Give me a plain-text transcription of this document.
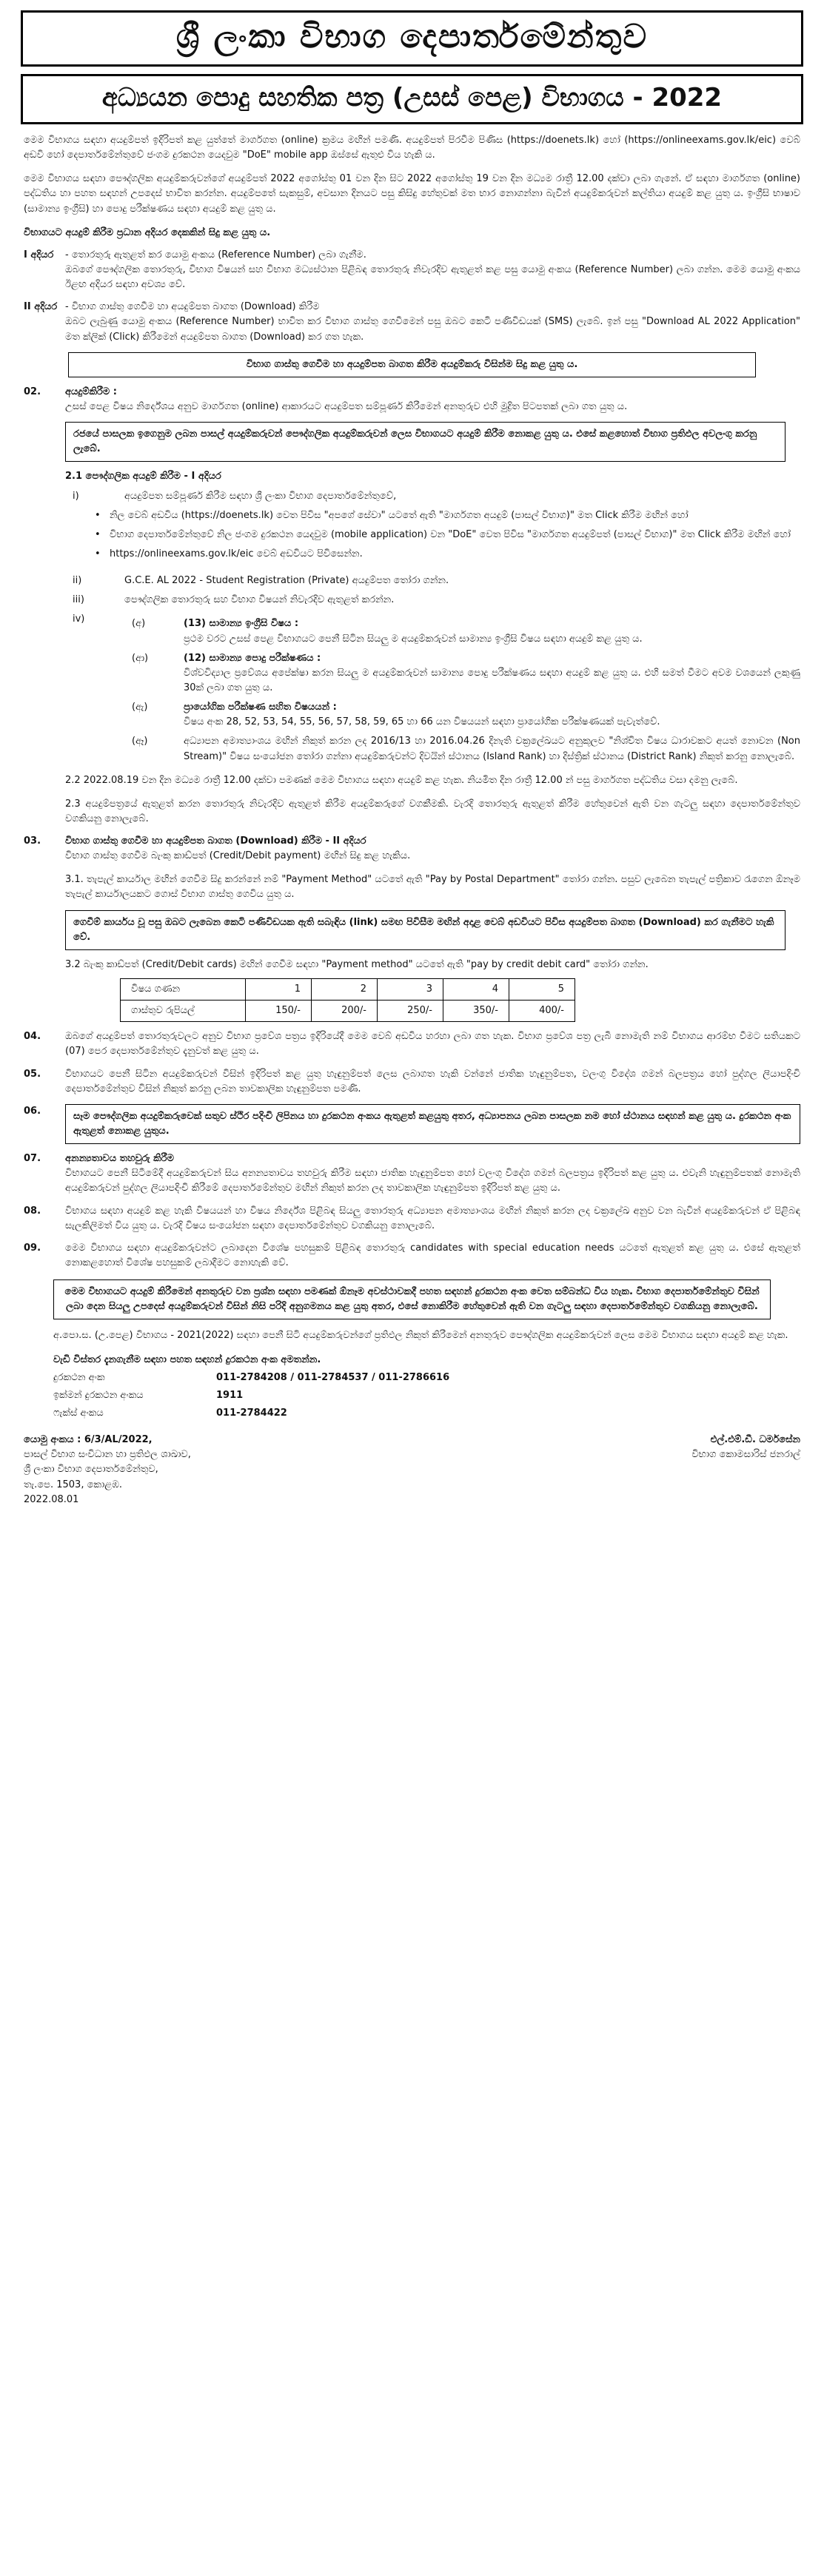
ශ්‍රී ලංකා විභාග දෙපාර්තමේන්තුව
අධ්‍යයන පොදු සහතික පත්‍ර (උසස් පෙළ) විභාගය - 2022
මෙම විභාගය සඳහා අයදුම්පත් ඉදිරිපත් කළ යුත්තේ මාර්ගගත (online) ක්‍රමය මඟින් පමණි. අයදුම්පත් පිරවීම පිණිස (https://doenets.lk) හෝ (https://onlineexams.gov.lk/eic) වෙබ් අඩවි හෝ දෙපාර්තමේන්තුවේ ජංගම දුරකථන යෙදවුම "DoE" mobile app ඔස්සේ ඇතුළු විය හැකි ය.
මෙම විභාගය සඳහා පෞද්ගලික අයදුම්කරුවන්ගේ අයදුම්පත් 2022 අගෝස්තු 01 වන දින සිට 2022 අගෝස්තු 19 වන දින මධ්‍යම රාත්‍රී 12.00 දක්වා ලබා ගැනේ. ඒ සඳහා මාර්ගගත (online) පද්ධතිය හා පහත සඳහන් උපදෙස් භාවිත කරන්න. අයදුම්පතේ සැකසුම්, අවසාන දිනයට පසු කිසිදු හේතුවක් මත භාර නොගන්නා බැවින් අයදුම්කරුවන් කල්තියා අයදුම් කළ යුතු ය. ඉංග්‍රීසි භාෂාව (සාමාන්‍ය ඉංග්‍රීසි) හා පොදු පරීක්ෂණය සඳහා අයදුම් කළ යුතු ය.
විභාගයට අයදුම් කිරීම ප්‍රධාන අදියර දෙකකින් සිදු කළ යුතු ය.
I අදියර	- තොරතුරු ඇතුළත් කර යොමු අංකය (Reference Number) ලබා ගැනීම.
ඔබගේ පෞද්ගලික තොරතුරු, විභාග විෂයන් සහ විභාග මධ්‍යස්ථාන පිළිබඳ තොරතුරු නිවැරදිව ඇතුළත් කළ පසු යොමු අංකය (Reference Number) ලබා ගන්න. මෙම යොමු අංකය ඊළඟ අදියර සඳහා අවශ්‍ය වේ.
II අදියර - විභාග ගාස්තු ගෙවීම හා අයදුම්පත බාගත (Download) කිරීම
ඔබට ලැබුණු යොමු අංකය (Reference Number) භාවිත කර විභාග ගාස්තු ගෙවීමෙන් පසු ඔබට කෙටි පණිවිඩයක් (SMS) ලැබේ. ඉන් පසු "Download AL 2022 Application" මත ක්ලික් (Click) කිරීමෙන් අයදුම්පත බාගත (Download) කර ගත හැක.
විභාග ගාස්තු ගෙවීම හා අයදුම්පත බාගත කිරීම අයදුම්කරු විසින්ම සිදු කළ යුතු ය.
02.	අයදුම්කිරීම :
උසස් පෙළ විෂය නිර්දේශය අනුව මාර්ගගත (online) ආකාරයට අයදුම්පත සම්පූර්ණ කිරීමෙන් අනතුරුව එහි මුද්‍රිත පිටපතක් ලබා ගත යුතු ය.
රජයේ පාසලක ඉගෙනුම ලබන පාසල් අයදුම්කරුවන් පෞද්ගලික අයදුම්කරුවන් ලෙස විභාගයට අයදුම් කිරීම නොකළ යුතු ය. එසේ කළහොත් විභාග ප්‍රතිඵල අවලංගු කරනු ලැබේ.
2.1 පෞද්ගලික අයදුම් කිරීම - I අදියර
i)	අයදුම්පත සම්පූර්ණ කිරීම සඳහා ශ්‍රී ලංකා විභාග දෙපාර්තමේන්තුවේ,
• නිල වෙබ් අඩවිය (https://doenets.lk) වෙත පිවිස "අපගේ සේවා" යටතේ ඇති "මාර්ගගත අයදුම් (පාසල් විභාග)" මත Click කිරීම මඟින් හෝ
• විභාග දෙපාර්තමේන්තුවේ නිල ජංගම දුරකථන යෙදවුම (mobile application) වන "DoE" වෙත පිවිස "මාර්ගගත අයදුම්පත් (පාසල් විභාග)" මත Click කිරීම මඟින් හෝ
• https://onlineexams.gov.lk/eic වෙබ් අඩවියට පිවිසෙන්න.
ii)	G.C.E. AL 2022 - Student Registration (Private) අයදුම්පත තෝරා ගන්න.
iii)	පෞද්ගලික තොරතුරු සහ විභාග විෂයන් නිවැරදිව ඇතුළත් කරන්න.
iv)	(අ)	(13) සාමාන්‍ය ඉංග්‍රීසි විෂය :
ප්‍රථම වරට උසස් පෙළ විභාගයට පෙනී සිටින සියලු ම අයදුම්කරුවන් සාමාන්‍ය ඉංග්‍රීසි විෂය සඳහා අයදුම් කළ යුතු ය.
(ආ)	(12) සාමාන්‍ය පොදු පරීක්ෂණය :
විශ්වවිද්‍යාල ප්‍රවේශය අපේක්ෂා කරන සියලු ම අයදුම්කරුවන් සාමාන්‍ය පොදු පරීක්ෂණය සඳහා අයදුම් කළ යුතු ය. එහි සමත් වීමට අවම වශයෙන් ලකුණු 30ක් ලබා ගත යුතු ය.
(ඇ)	ප්‍රායෝගික පරීක්ෂණ සහිත විෂයයන් :
විෂය අංක 28, 52, 53, 54, 55, 56, 57, 58, 59, 65 හා 66 යන විෂයයන් සඳහා ප්‍රායෝගික පරීක්ෂණයක් පැවැත්වේ.
(ඈ)	අධ්‍යාපන අමාත්‍යාංශය මඟින් නිකුත් කරන ලද 2016/13 හා 2016.04.26 දිනැති චක්‍රලේඛයට අනුකූලව "නිශ්චිත විෂය ධාරාවකට අයත් නොවන (Non Stream)" විෂය සංයෝජන තෝරා ගන්නා අයදුම්කරුවන්ට දිවයින් ස්ථානය (Island Rank) හා දිස්ත්‍රික් ස්ථානය (District Rank) නිකුත් කරනු නොලැබේ.
2.2 2022.08.19 වන දින මධ්‍යම රාත්‍රී 12.00 දක්වා පමණක් මෙම විභාගය සඳහා අයදුම් කළ හැක. නියමිත දින රාත්‍රී 12.00 න් පසු මාර්ගගත පද්ධතිය වසා දමනු ලැබේ.
2.3 අයදුම්පත්‍රයේ ඇතුළත් කරන තොරතුරු නිවැරදිව ඇතුළත් කිරීම අයදුම්කරුගේ වගකීමකි. වැරදි තොරතුරු ඇතුළත් කිරීම හේතුවෙන් ඇති වන ගැටලු සඳහා දෙපාර්තමේන්තුව වගකියනු නොලැබේ.
03.	විභාග ගාස්තු ගෙවීම හා අයදුම්පත බාගත (Download) කිරීම - II අදියර
විභාග ගාස්තු ගෙවීම බැංකු කාඩ්පත් (Credit/Debit payment) මඟින් සිදු කළ හැකිය.
3.1. තැපැල් කාර්යාල මඟින් ගෙවීම සිදු කරන්නේ නම් "Payment Method" යටතේ ඇති "Pay by Postal Department" තෝරා ගන්න. පසුව ලැබෙන තැපැල් පත්‍රිකාව රැගෙන ඕනෑම තැපැල් කාර්යාලයකට ගොස් විභාග ගාස්තු ගෙවිය යුතු ය.
ගෙවීම් කාර්යය වූ පසු ඔබට ලැබෙන කෙටි පණිවිඩයක ඇති සබැඳිය (link) සමඟ පිවිසීම මඟින් අදාළ වෙබ් අඩවියට පිවිස අයදුම්පත බාගත (Download) කර ගැනීමට හැකි වේ.
3.2 බැංකු කාඩ්පත් (Credit/Debit cards) මඟින් ගෙවීම සඳහා "Payment method" යටතේ ඇති "pay by credit debit card" තෝරා ගන්න.
විෂය ගණන	1	2	3	4	5
ගාස්තුව රුපියල්	150/-	200/-	250/-	350/-	400/-
04.	ඔබගේ අයදුම්පත් තොරතුරුවලට අනුව විභාග ප්‍රවේශ පත්‍රය ඉදිරියේදී මෙම වෙබ් අඩවිය හරහා ලබා ගත හැක. විභාග ප්‍රවේශ පත්‍ර ලැබී නොමැති නම් විභාගය ආරම්භ වීමට සතියකට (07) පෙර දෙපාර්තමේන්තුව දැනුවත් කළ යුතු ය.
05.	විභාගයට පෙනී සිටින අයදුම්කරුවන් විසින් ඉදිරිපත් කළ යුතු හැඳුනුම්පත් ලෙස ලබාගත හැකි වන්නේ ජාතික හැඳුනුම්පත, වලංගු විදේශ ගමන් බලපත්‍රය හෝ පුද්ගල ලියාපදිංචි දෙපාර්තමේන්තුව විසින් නිකුත් කරනු ලබන තාවකාලික හැඳුනුම්පත පමණි.
06.	සෑම පෞද්ගලික අයදුම්කරුවෙක් සතුව ස්ථිර පදිංචි ලිපිනය හා දුරකථන අංකය ඇතුළත් කළයුතු අතර, අධ්‍යාපනය ලබන පාසලක නම හෝ ස්ථානය සඳහන් කළ යුතු ය. දුරකථන අංක ඇතුළත් නොකළ යුතුය.
07.	අනන්‍යතාවය තහවුරු කිරීම
විභාගයට පෙනී සිටීමේදී අයදුම්කරුවන් සිය අනන්‍යතාවය තහවුරු කිරීම සඳහා ජාතික හැඳුනුම්පත හෝ වලංගු විදේශ ගමන් බලපත්‍රය ඉදිරිපත් කළ යුතු ය. එවැනි හැඳුනුම්පතක් නොමැති අයදුම්කරුවන් පුද්ගල ලියාපදිංචි කිරීමේ දෙපාර්තමේන්තුව මඟින් නිකුත් කරන ලද තාවකාලික හැඳුනුම්පත ඉදිරිපත් කළ යුතු ය.
08.	විභාගය සඳහා අයදුම් කළ හැකි විෂයයන් හා විෂය නිර්දේශ පිළිබඳ සියලු තොරතුරු අධ්‍යාපන අමාත්‍යාංශය මඟින් නිකුත් කරන ලද චක්‍රලේඛ අනුව වන බැවින් අයදුම්කරුවන් ඒ පිළිබඳ සැලකිලිමත් විය යුතු ය. වැරදි විෂය සංයෝජන සඳහා දෙපාර්තමේන්තුව වගකියනු නොලැබේ.
09.	මෙම විභාගය සඳහා අයදුම්කරුවන්ට ලබාදෙන විශේෂ පහසුකම් පිළිබඳ තොරතුරු candidates with special education needs යටතේ ඇතුළත් කළ යුතු ය. එසේ ඇතුළත් නොකළහොත් විශේෂ පහසුකම් ලබාදීමට නොහැකි වේ.
මෙම විභාගයට අයදුම් කිරීමෙන් අනතුරුව වන ප්‍රශ්න සඳහා පමණක් ඕනෑම අවස්ථාවකදී පහත සඳහන් දුරකථන අංක වෙත සම්බන්ධ විය හැක. විභාග දෙපාර්තමේන්තුව විසින් ලබා දෙන සියලු උපදෙස් අයදුම්කරුවන් විසින් නිසි පරිදි අනුගමනය කළ යුතු අතර, එසේ නොකිරීම හේතුවෙන් ඇති වන ගැටලු සඳහා දෙපාර්තමේන්තුව වගකියනු නොලැබේ.
අ.පො.ස. (උ.පෙළ) විභාගය - 2021(2022) සඳහා පෙනී සිටි අයදුම්කරුවන්ගේ ප්‍රතිඵල නිකුත් කිරීමෙන් අනතුරුව පෞද්ගලික අයදුම්කරුවන් ලෙස මෙම විභාගය සඳහා අයදුම් කළ හැක.
වැඩි විස්තර දැනගැනීම සඳහා පහත සඳහන් දුරකථන අංක අමතන්න.
දුරකථන අංක	011-2784208 / 011-2784537 / 011-2786616
ඉක්මන් දුරකථන අංකය	1911
ෆැක්ස් අංකය	011-2784422
යොමු අංකය : 6/3/AL/2022,
පාසල් විභාග සංවිධාන හා ප්‍රතිඵල ශාඛාව,
ශ්‍රී ලංකා විභාග දෙපාර්තමේන්තුව,
තැ.පෙ. 1503, කොළඹ.
2022.08.01
එල්.එම්.ඩී. ධර්මසේන
විභාග කොමසාරිස් ජනරාල්
